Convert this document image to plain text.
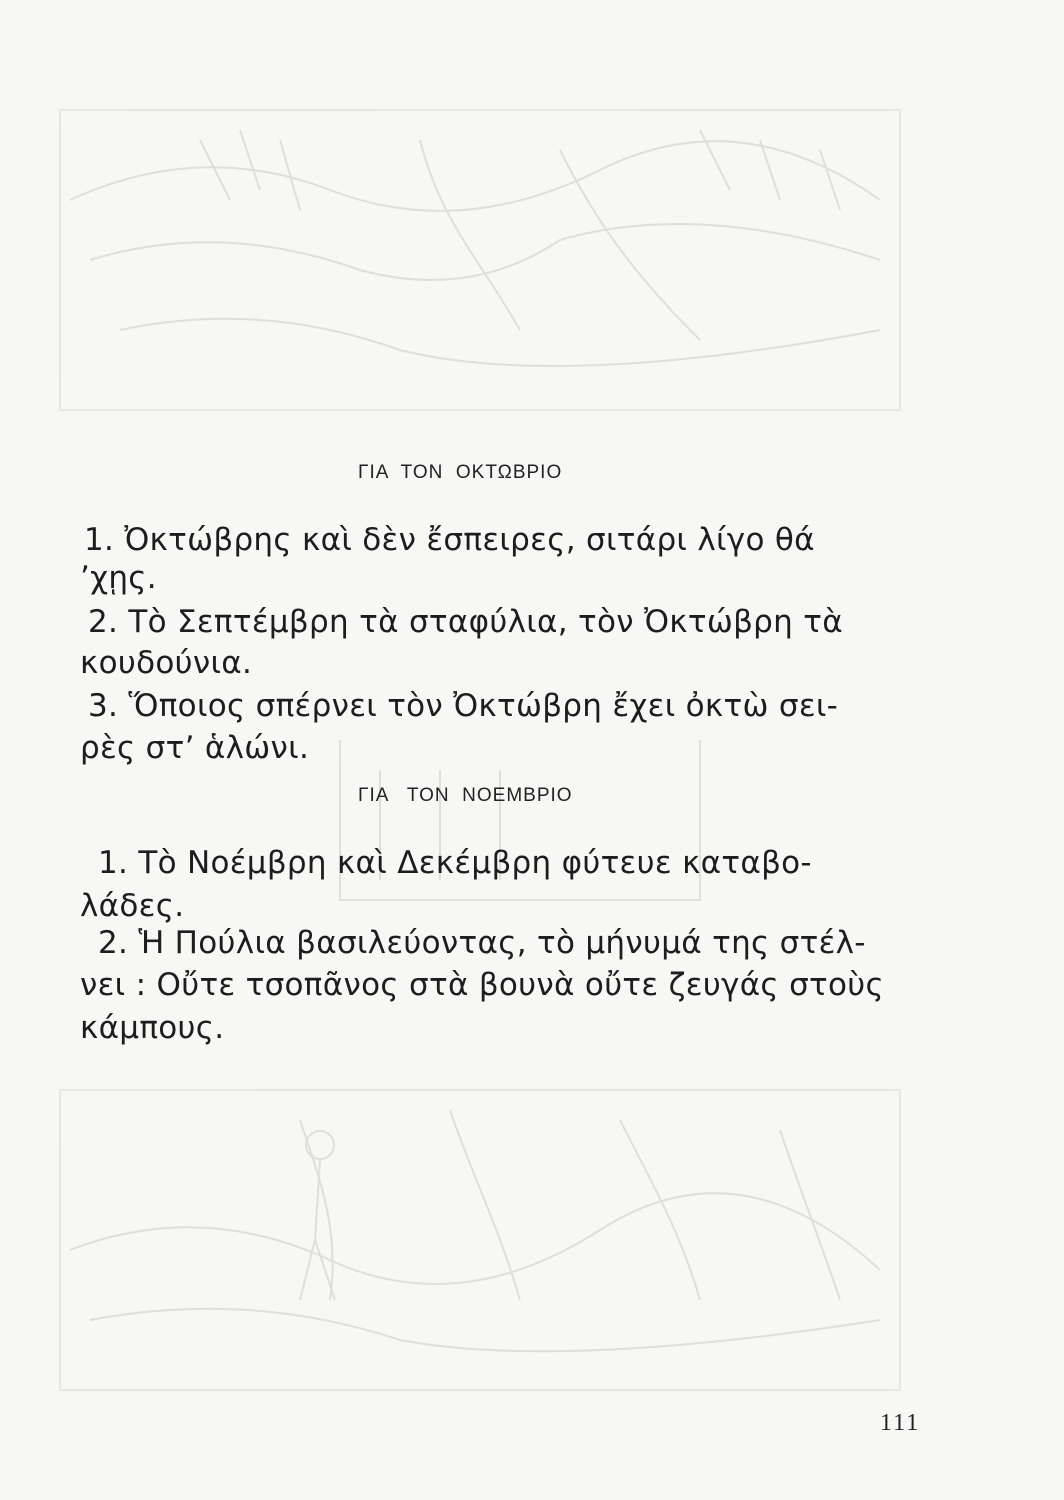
ΓΙΑ  ΤΟΝ  ΟΚΤΩΒΡΙΟ
1. Ὀκτώβρης καὶ δὲν ἔσπειρες, σιτάρι λίγο θά
ʼχῃς.
2. Τὸ Σεπτέμβρη τὰ σταφύλια, τὸν Ὀκτώβρη τὰ
κουδούνια.
3. Ὅποιος σπέρνει τὸν Ὀκτώβρη ἔχει ὀκτὼ σει-
ρὲς στʼ ἁλώνι.
ΓΙΑ   ΤΟΝ  ΝΟΕΜΒΡΙΟ
1. Τὸ Νοέμβρη καὶ Δεκέμβρη φύτευε καταβο-
λάδες.
2. Ἡ Πούλια βασιλεύοντας, τὸ μήνυμά της στέλ-
νει : Οὔτε τσοπᾶνος στὰ βουνὰ οὔτε ζευγάς στοὺς
κάμπους.
111
